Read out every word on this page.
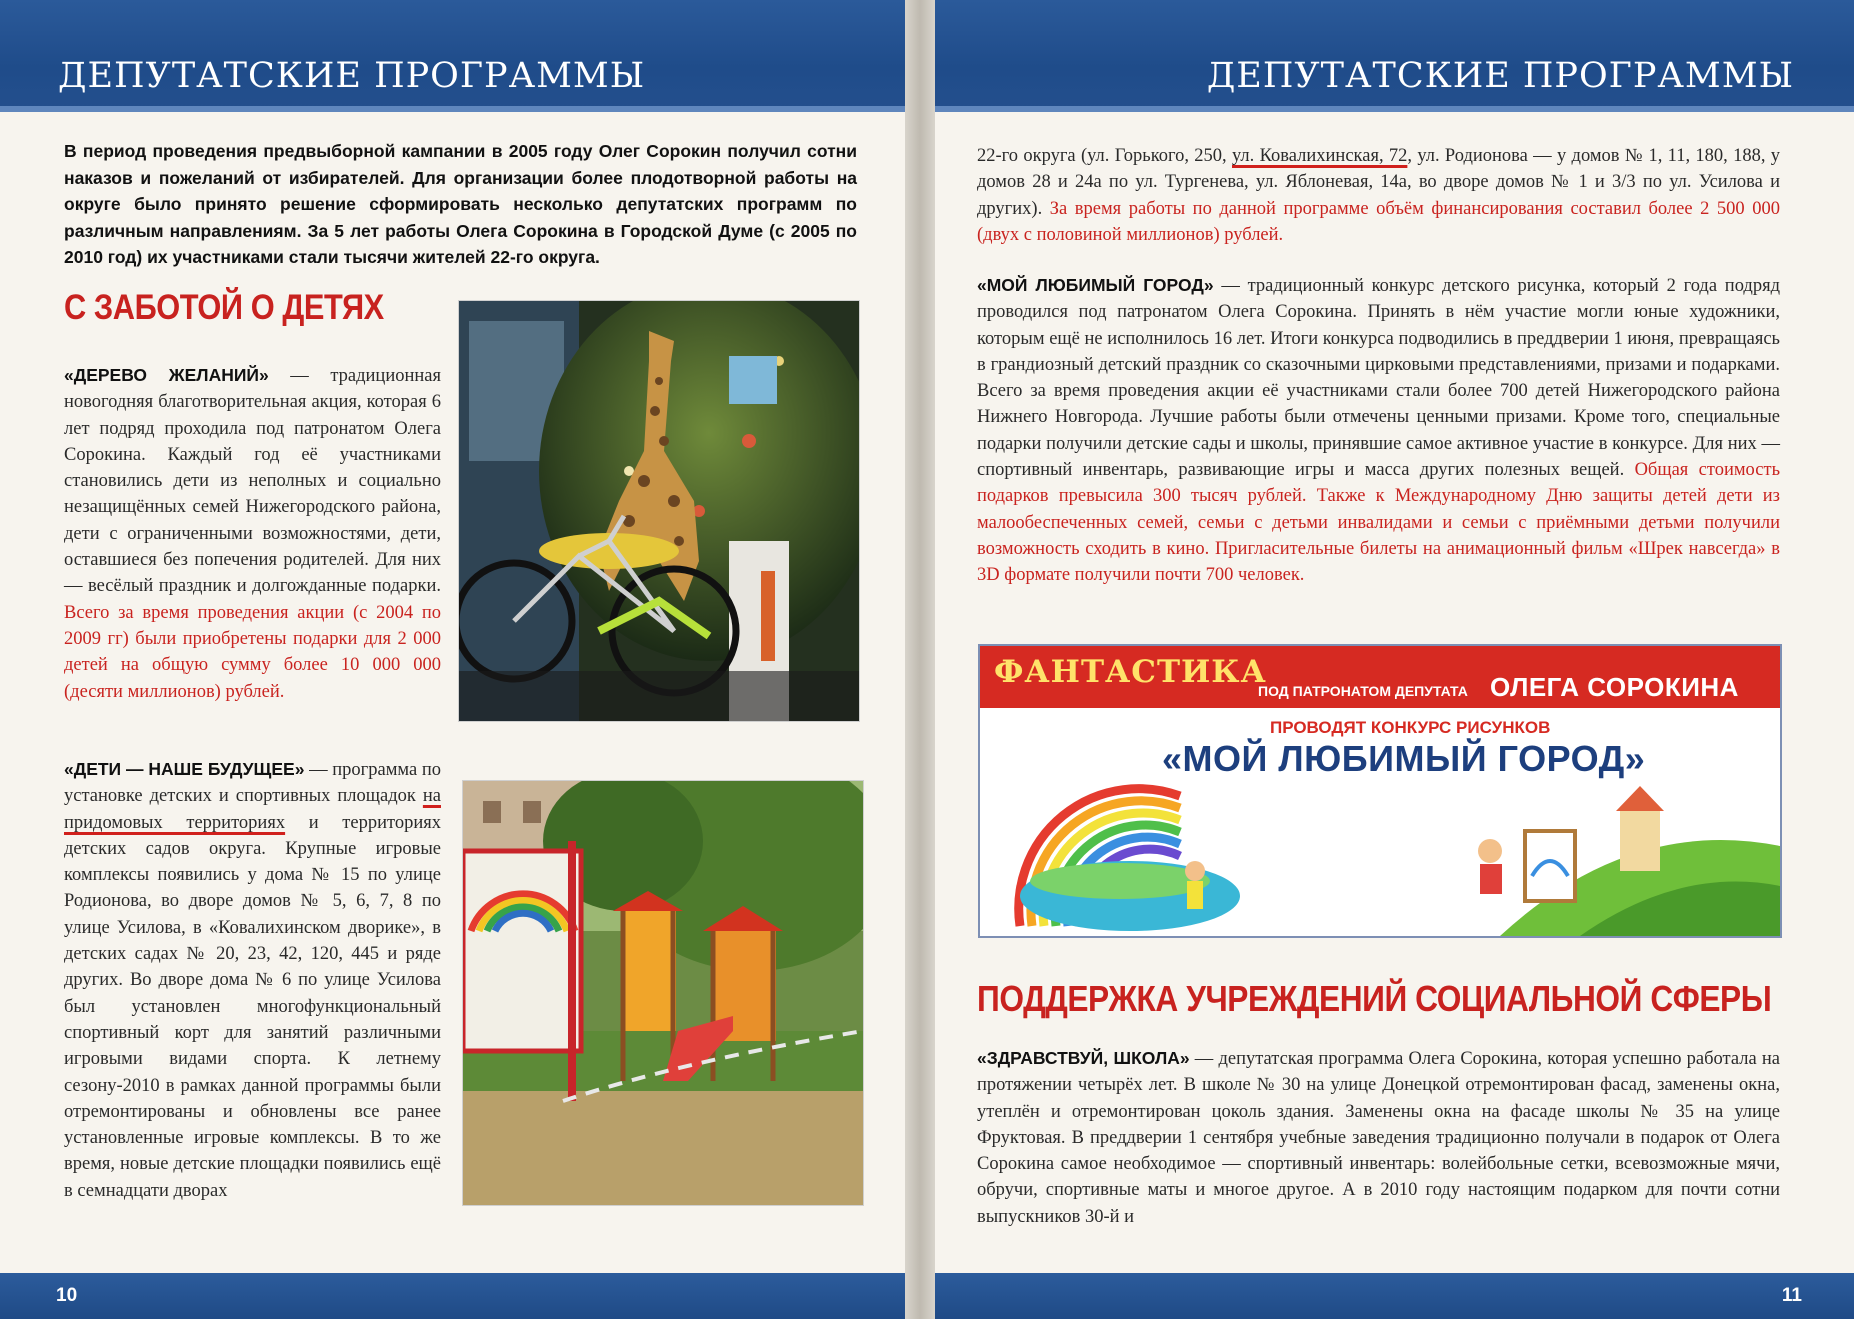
ДЕПУТАТСКИЕ ПРОГРАММЫ
В период проведения предвыборной кампании в 2005 году Олег Сорокин получил сотни наказов и пожеланий от избирателей. Для организации более плодотворной работы на округе было принято решение сформировать несколько депутатских программ по различным направлениям. За 5 лет работы Олега Сорокина в Городской Думе (с 2005 по 2010 год) их участниками стали тысячи жителей 22-го округа.
С ЗАБОТОЙ О ДЕТЯХ
«ДЕРЕВО ЖЕЛАНИЙ» — традиционная новогодняя благотворительная акция, которая 6 лет подряд проходила под патронатом Олега Сорокина. Каждый год её участниками становились дети из неполных и социально незащищённых семей Нижегородского района, дети с ограниченными возможностями, дети, оставшиеся без попечения родителей. Для них — весёлый праздник и долгожданные подарки. Всего за время проведения акции (с 2004 по 2009 гг) были приобретены подарки для 2 000 детей на общую сумму более 10 000 000 (десяти миллионов) рублей.
«ДЕТИ — НАШЕ БУДУЩЕЕ» — программа по установке детских и спортивных площадок на придомовых территориях и территориях детских садов округа. Крупные игровые комплексы появились у дома № 15 по улице Родионова, во дворе домов № 5, 6, 7, 8 по улице Усилова, в «Ковалихинском дворике», в детских садах № 20, 23, 42, 120, 445 и ряде других. Во дворе дома № 6 по улице Усилова был установлен многофункциональный спортивный корт для занятий различными игровыми видами спорта. К летнему сезону-2010 в рамках данной программы были отремонтированы и обновлены все ранее установленные игровые комплексы. В то же время, новые детские площадки появились ещё в семнадцати дворах
10
ДЕПУТАТСКИЕ ПРОГРАММЫ
11
22-го округа (ул. Горького, 250, ул. Ковалихинская, 72, ул. Родионова — у домов № 1, 11, 180, 188, у домов 28 и 24а по ул. Тургенева, ул. Яблоневая, 14а, во дворе домов № 1 и 3/3 по ул. Усилова и других). За время работы по данной программе объём финансирования составил более 2 500 000 (двух с половиной миллионов) рублей.
«МОЙ ЛЮБИМЫЙ ГОРОД» — традиционный конкурс детского рисунка, который 2 года подряд проводился под патронатом Олега Сорокина. Принять в нём участие могли юные художники, которым ещё не исполнилось 16 лет. Итоги конкурса подводились в преддверии 1 июня, превращаясь в грандиозный детский праздник со сказочными цирковыми представлениями, призами и подарками. Всего за время проведения акции её участниками стали более 700 детей Нижегородского района Нижнего Новгорода. Лучшие работы были отмечены ценными призами. Кроме того, специальные подарки получили детские сады и школы, принявшие самое активное участие в конкурсе. Для них — спортивный инвентарь, развивающие игры и масса других полезных вещей. Общая стоимость подарков превысила 300 тысяч рублей. Также к Международному Дню защиты детей дети из малообеспеченных семей, семьи с детьми инвалидами и семьи с приёмными детьми получили возможность сходить в кино. Пригласительные билеты на анимационный фильм «Шрек навсегда» в 3D формате получили почти 700 человек.
ФАНТАСТИКА
ПОД ПАТРОНАТОМ ДЕПУТАТА ОЛЕГА СОРОКИНА
ПРОВОДЯТ КОНКУРС РИСУНКОВ
«МОЙ ЛЮБИМЫЙ ГОРОД»
ПОДДЕРЖКА УЧРЕЖДЕНИЙ СОЦИАЛЬНОЙ СФЕРЫ
«ЗДРАВСТВУЙ, ШКОЛА» — депутатская программа Олега Сорокина, которая успешно работала на протяжении четырёх лет. В школе № 30 на улице Донецкой отремонтирован фасад, заменены окна, утеплён и отремонтирован цоколь здания. Заменены окна на фасаде школы № 35 на улице Фруктовая. В преддверии 1 сентября учебные заведения традиционно получали в подарок от Олега Сорокина самое необходимое — спортивный инвентарь: волейбольные сетки, всевозможные мячи, обручи, спортивные маты и многое другое. А в 2010 году настоящим подарком для почти сотни выпускников 30-й и
